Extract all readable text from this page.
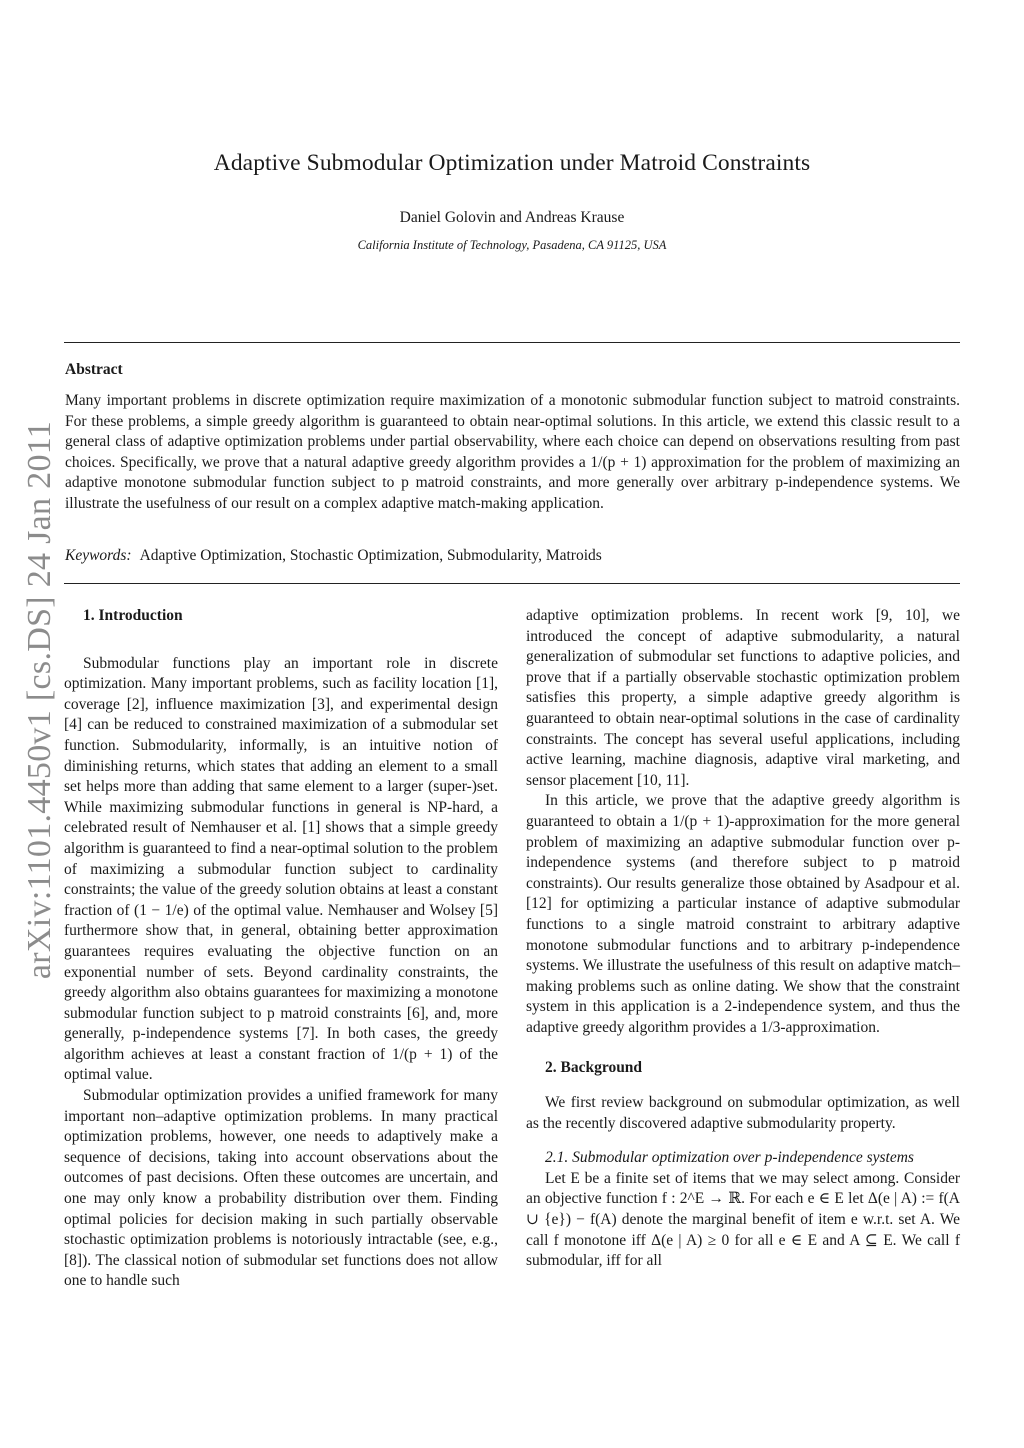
Adaptive Submodular Optimization under Matroid Constraints
Daniel Golovin and Andreas Krause
California Institute of Technology, Pasadena, CA 91125, USA
Abstract
Many important problems in discrete optimization require maximization of a monotonic submodular function subject to matroid constraints. For these problems, a simple greedy algorithm is guaranteed to obtain near-optimal solutions. In this article, we extend this classic result to a general class of adaptive optimization problems under partial observability, where each choice can depend on observations resulting from past choices. Specifically, we prove that a natural adaptive greedy algorithm provides a 1/(p + 1) approximation for the problem of maximizing an adaptive monotone submodular function subject to p matroid constraints, and more generally over arbitrary p-independence systems. We illustrate the usefulness of our result on a complex adaptive match-making application.
Keywords: Adaptive Optimization, Stochastic Optimization, Submodularity, Matroids
arXiv:1101.4450v1 [cs.DS] 24 Jan 2011	1. Introduction

Submodular functions play an important role in discrete optimization. Many important problems, such as facility location [1], coverage [2], influence maximization [3], and experimental design [4] can be reduced to constrained maximization of a submodular set function. Submodularity, informally, is an intuitive notion of diminishing returns, which states that adding an element to a small set helps more than adding that same element to a larger (super-)set. While maximizing submodular functions in general is NP-hard, a celebrated result of Nemhauser et al. [1] shows that a simple greedy algorithm is guaranteed to find a near-optimal solution to the problem of maximizing a submodular function subject to cardinality constraints; the value of the greedy solution obtains at least a constant fraction of (1 − 1/e) of the optimal value. Nemhauser and Wolsey [5] furthermore show that, in general, obtaining better approximation guarantees requires evaluating the objective function on an exponential number of sets. Beyond cardinality constraints, the greedy algorithm also obtains guarantees for maximizing a monotone submodular function subject to p matroid constraints [6], and, more generally, p-independence systems [7]. In both cases, the greedy algorithm achieves at least a constant fraction of 1/(p + 1) of the optimal value.

Submodular optimization provides a unified framework for many important non–adaptive optimization problems. In many practical optimization problems, however, one needs to adaptively make a sequence of decisions, taking into account observations about the outcomes of past decisions. Often these outcomes are uncertain, and one may only know a probability distribution over them. Finding optimal policies for decision making in such partially observable stochastic optimization problems is notoriously intractable (see, e.g., [8]). The classical notion of submodular set functions does not allow one to handle such

adaptive optimization problems. In recent work [9, 10], we introduced the concept of adaptive submodularity, a natural generalization of submodular set functions to adaptive policies, and prove that if a partially observable stochastic optimization problem satisfies this property, a simple adaptive greedy algorithm is guaranteed to obtain near-optimal solutions in the case of cardinality constraints. The concept has several useful applications, including active learning, machine diagnosis, adaptive viral marketing, and sensor placement [10, 11].

In this article, we prove that the adaptive greedy algorithm is guaranteed to obtain a 1/(p + 1)-approximation for the more general problem of maximizing an adaptive submodular function over p-independence systems (and therefore subject to p matroid constraints). Our results generalize those obtained by Asadpour et al. [12] for optimizing a particular instance of adaptive submodular functions to a single matroid constraint to arbitrary adaptive monotone submodular functions and to arbitrary p-independence systems. We illustrate the usefulness of this result on adaptive match–making problems such as online dating. We show that the constraint system in this application is a 2-independence system, and thus the adaptive greedy algorithm provides a 1/3-approximation.

2. Background

We first review background on submodular optimization, as well as the recently discovered adaptive submodularity property.

2.1. Submodular optimization over p-independence systems

Let E be a finite set of items that we may select among. Consider an objective function f : 2^E → ℝ. For each e ∈ E let Δ(e | A) := f(A ∪ {e}) − f(A) denote the marginal benefit of item e w.r.t. set A. We call f monotone iff Δ(e | A) ≥ 0 for all e ∈ E and A ⊆ E. We call f submodular, iff for all
